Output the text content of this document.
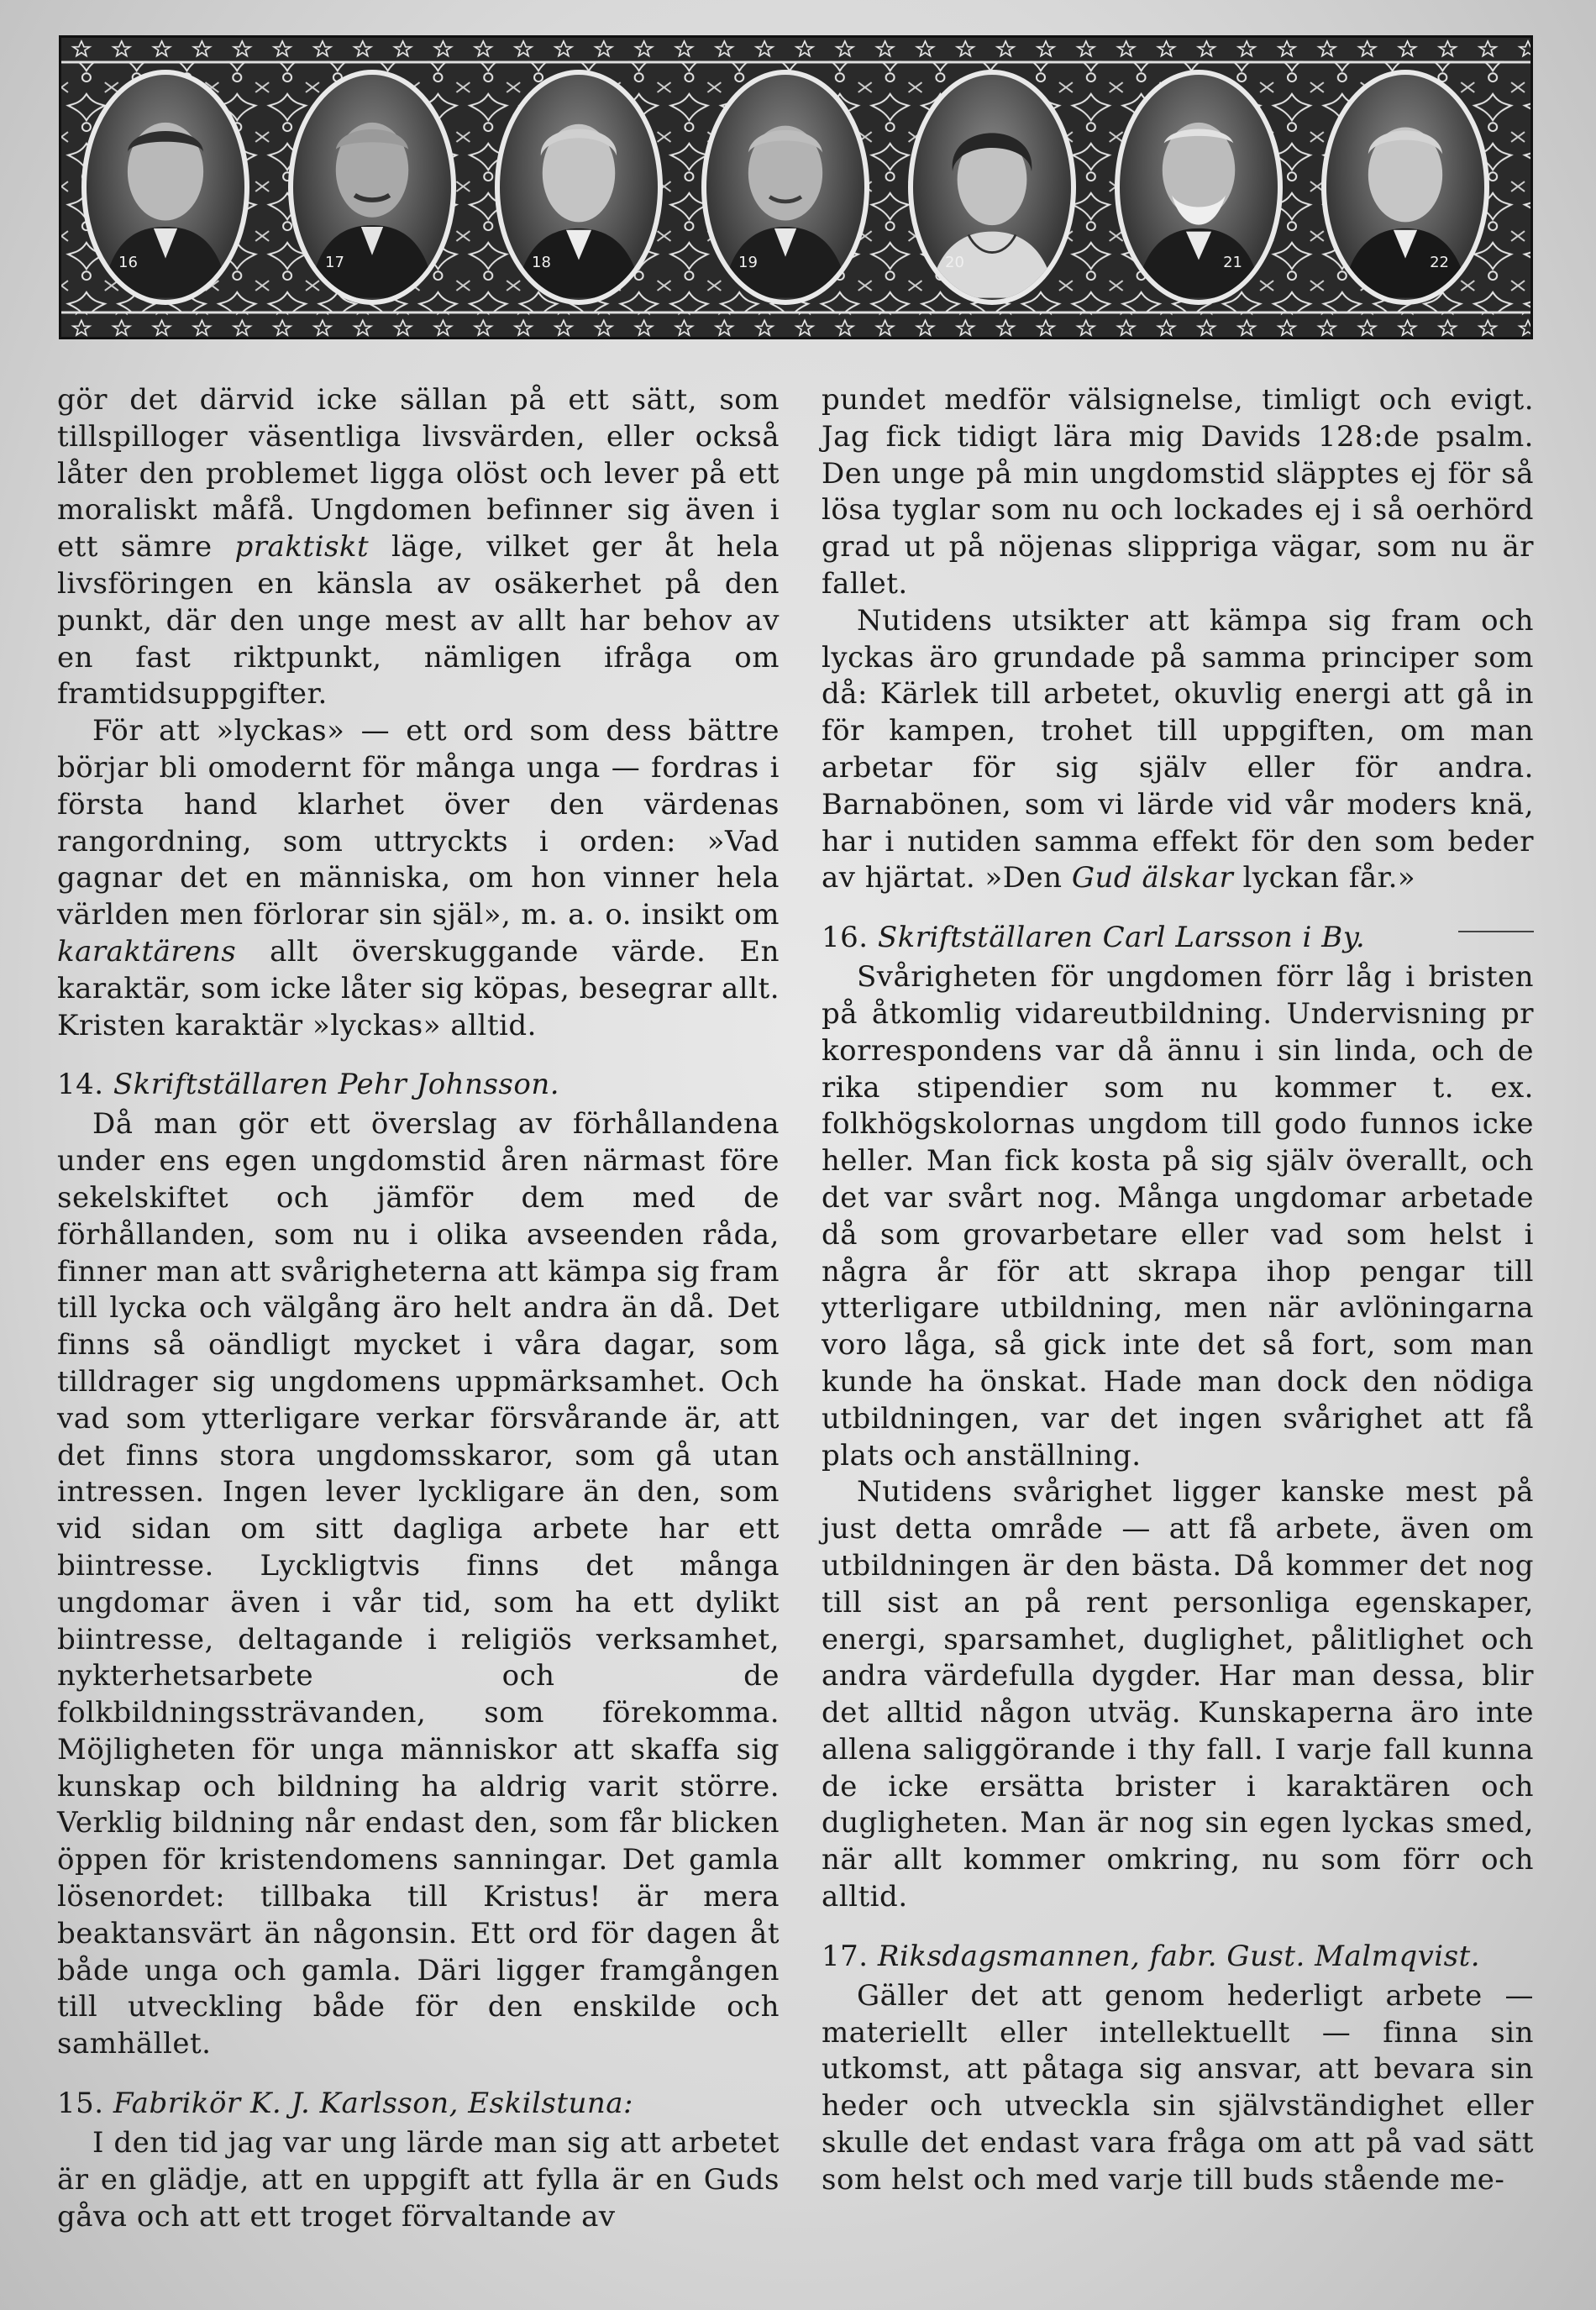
16	17	18	19	20	21	22

gör det därvid icke sällan på ett sätt, som tillspilloger väsentliga livsvärden, eller också låter den problemet ligga olöst och lever på ett moraliskt måfå. Ungdomen befinner sig även i ett sämre praktiskt läge, vilket ger åt hela livsföringen en känsla av osäkerhet på den punkt, där den unge mest av allt har behov av en fast riktpunkt, nämligen ifråga om framtidsuppgifter.

För att »lyckas» — ett ord som dess bättre börjar bli omodernt för många unga — fordras i första hand klarhet över den värdenas rangordning, som uttryckts i orden: »Vad gagnar det en människa, om hon vinner hela världen men förlorar sin själ», m. a. o. insikt om karaktärens allt överskuggande värde. En karaktär, som icke låter sig köpas, besegrar allt. Kristen karaktär »lyckas» alltid.

14. Skriftställaren Pehr Johnsson.

Då man gör ett överslag av förhållandena under ens egen ungdomstid åren närmast före sekelskiftet och jämför dem med de förhållanden, som nu i olika avseenden råda, finner man att svårigheterna att kämpa sig fram till lycka och välgång äro helt andra än då. Det finns så oändligt mycket i våra dagar, som tilldrager sig ungdomens uppmärksamhet. Och vad som ytterligare verkar försvårande är, att det finns stora ungdomsskaror, som gå utan intressen. Ingen lever lyckligare än den, som vid sidan om sitt dagliga arbete har ett biintresse. Lyckligtvis finns det många ungdomar även i vår tid, som ha ett dylikt biintresse, deltagande i religiös verksamhet, nykterhetsarbete och de folkbildningssträvanden, som förekomma. Möjligheten för unga människor att skaffa sig kunskap och bildning ha aldrig varit större. Verklig bildning når endast den, som får blicken öppen för kristendomens sanningar. Det gamla lösenordet: tillbaka till Kristus! är mera beaktansvärt än någonsin. Ett ord för dagen åt både unga och gamla. Däri ligger framgången till utveckling både för den enskilde och samhället.

15. Fabrikör K. J. Karlsson, Eskilstuna:

I den tid jag var ung lärde man sig att arbetet är en glädje, att en uppgift att fylla är en Guds gåva och att ett troget förvaltande av

pundet medför välsignelse, timligt och evigt. Jag fick tidigt lära mig Davids 128:de psalm. Den unge på min ungdomstid släpptes ej för så lösa tyglar som nu och lockades ej i så oerhörd grad ut på nöjenas slippriga vägar, som nu är fallet.

Nutidens utsikter att kämpa sig fram och lyckas äro grundade på samma principer som då: Kärlek till arbetet, okuvlig energi att gå in för kampen, trohet till uppgiften, om man arbetar för sig själv eller för andra. Barnabönen, som vi lärde vid vår moders knä, har i nutiden samma effekt för den som beder av hjärtat. »Den Gud älskar lyckan får.»

16. Skriftställaren Carl Larsson i By.

Svårigheten för ungdomen förr låg i bristen på åtkomlig vidareutbildning. Undervisning pr korrespondens var då ännu i sin linda, och de rika stipendier som nu kommer t. ex. folkhögskolornas ungdom till godo funnos icke heller. Man fick kosta på sig själv överallt, och det var svårt nog. Många ungdomar arbetade då som grovarbetare eller vad som helst i några år för att skrapa ihop pengar till ytterligare utbildning, men när avlöningarna voro låga, så gick inte det så fort, som man kunde ha önskat. Hade man dock den nödiga utbildningen, var det ingen svårighet att få plats och anställning.

Nutidens svårighet ligger kanske mest på just detta område — att få arbete, även om utbildningen är den bästa. Då kommer det nog till sist an på rent personliga egenskaper, energi, sparsamhet, duglighet, pålitlighet och andra värdefulla dygder. Har man dessa, blir det alltid någon utväg. Kunskaperna äro inte allena saliggörande i thy fall. I varje fall kunna de icke ersätta brister i karaktären och dugligheten. Man är nog sin egen lyckas smed, när allt kommer omkring, nu som förr och alltid.

17. Riksdagsmannen, fabr. Gust. Malmqvist.

Gäller det att genom hederligt arbete — materiellt eller intellektuellt — finna sin utkomst, att påtaga sig ansvar, att bevara sin heder och utveckla sin självständighet eller skulle det endast vara fråga om att på vad sätt som helst och med varje till buds stående me-
